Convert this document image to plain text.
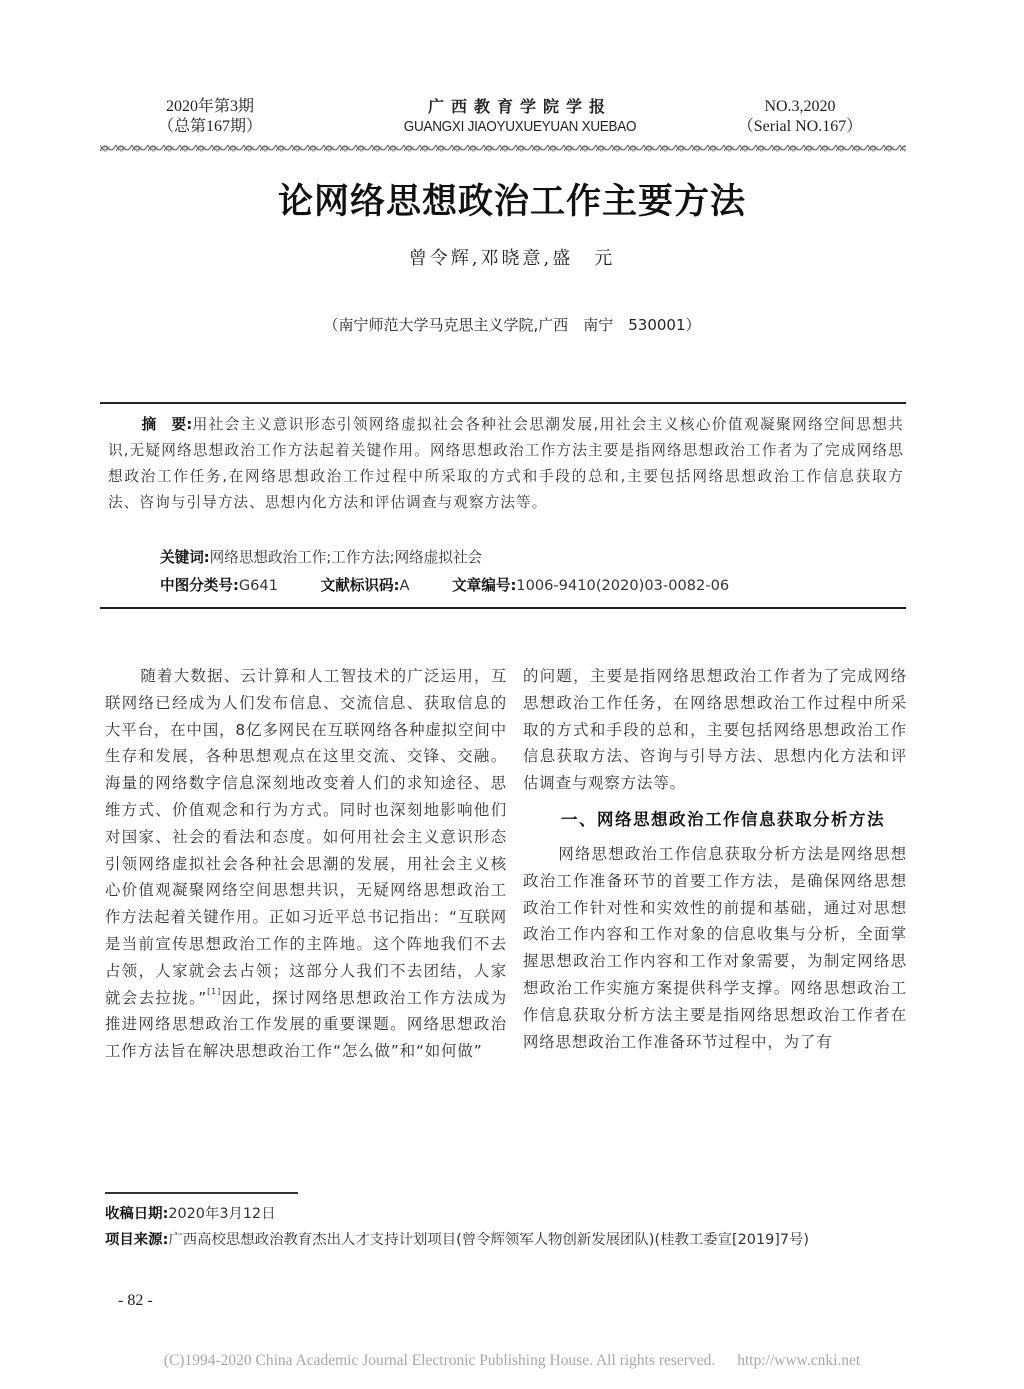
2020年第3期
（总第167期）
广西教育学院学报
GUANGXI JIAOYUXUEYUAN XUEBAO
NO.3,2020
（Serial NO.167）
论网络思想政治工作主要方法
曾令辉,邓晓意,盛　元
（南宁师范大学马克思主义学院,广西　南宁　530001）

摘　要:用社会主义意识形态引领网络虚拟社会各种社会思潮发展,用社会主义核心价值观凝聚网络空间思想共识,无疑网络思想政治工作方法起着关键作用。网络思想政治工作方法主要是指网络思想政治工作者为了完成网络思想政治工作任务,在网络思想政治工作过程中所采取的方式和手段的总和,主要包括网络思想政治工作信息获取方法、咨询与引导方法、思想内化方法和评估调查与观察方法等。

关键词:网络思想政治工作;工作方法;网络虚拟社会
中图分类号:G641	文献标识码:A	文章编号:1006-9410(2020)03-0082-06

随着大数据、云计算和人工智技术的广泛运用，互联网络已经成为人们发布信息、交流信息、获取信息的大平台，在中国，8亿多网民在互联网络各种虚拟空间中生存和发展，各种思想观点在这里交流、交锋、交融。海量的网络数字信息深刻地改变着人们的求知途径、思维方式、价值观念和行为方式。同时也深刻地影响他们对国家、社会的看法和态度。如何用社会主义意识形态引领网络虚拟社会各种社会思潮的发展，用社会主义核心价值观凝聚网络空间思想共识，无疑网络思想政治工作方法起着关键作用。正如习近平总书记指出：“互联网是当前宣传思想政治工作的主阵地。这个阵地我们不去占领，人家就会去占领；这部分人我们不去团结，人家就会去拉拢。”[1]因此，探讨网络思想政治工作方法成为推进网络思想政治工作发展的重要课题。网络思想政治工作方法旨在解决思想政治工作“怎么做”和“如何做”

的问题，主要是指网络思想政治工作者为了完成网络思想政治工作任务，在网络思想政治工作过程中所采取的方式和手段的总和，主要包括网络思想政治工作信息获取方法、咨询与引导方法、思想内化方法和评估调查与观察方法等。

一、网络思想政治工作信息获取分析方法

网络思想政治工作信息获取分析方法是网络思想政治工作准备环节的首要工作方法，是确保网络思想政治工作针对性和实效性的前提和基础，通过对思想政治工作内容和工作对象的信息收集与分析，全面掌握思想政治工作内容和工作对象需要，为制定网络思想政治工作实施方案提供科学支撑。网络思想政治工作信息获取分析方法主要是指网络思想政治工作者在网络思想政治工作准备环节过程中，为了有

收稿日期:2020年3月12日
项目来源:广西高校思想政治教育杰出人才支持计划项目(曾令辉领军人物创新发展团队)(桂教工委宣[2019]7号)
- 82 -
(C)1994-2020 China Academic Journal Electronic Publishing House. All rights reserved. http://www.cnki.net
